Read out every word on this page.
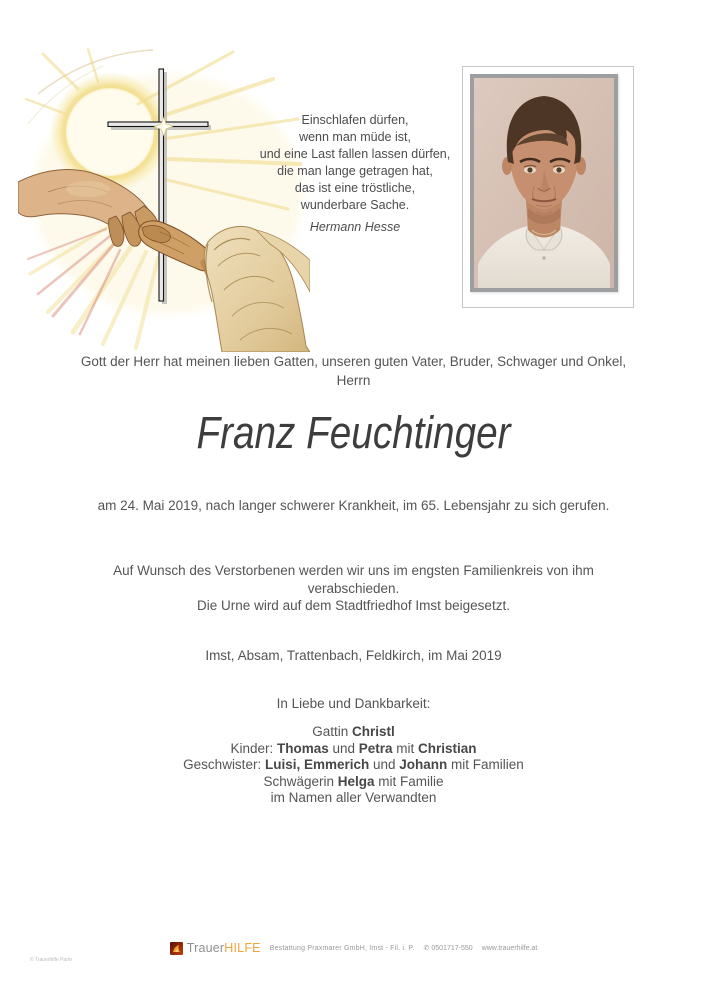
Einschlafen dürfen,
wenn man müde ist,
und eine Last fallen lassen dürfen,
die man lange getragen hat,
das ist eine tröstliche,
wunderbare Sache.
Hermann Hesse
Gott der Herr hat meinen lieben Gatten, unseren guten Vater, Bruder, Schwager und Onkel,
Herrn
Franz Feuchtinger
am 24. Mai 2019, nach langer schwerer Krankheit, im 65. Lebensjahr zu sich gerufen.
Auf Wunsch des Verstorbenen werden wir uns im engsten Familienkreis von ihm
verabschieden.
Die Urne wird auf dem Stadtfriedhof Imst beigesetzt.
Imst, Absam, Trattenbach, Feldkirch, im Mai 2019
In Liebe und Dankbarkeit:
Gattin Christl
Kinder: Thomas und Petra mit Christian
Geschwister: Luisi, Emmerich und Johann mit Familien
Schwägerin Helga mit Familie
im Namen aller Verwandten
TrauerHILFE Bestattung Praxmarer GmbH, Imst - Fil. i. P. ✆ 0501717-550 www.trauerhilfe.at
© Trauerhilfe Parte
